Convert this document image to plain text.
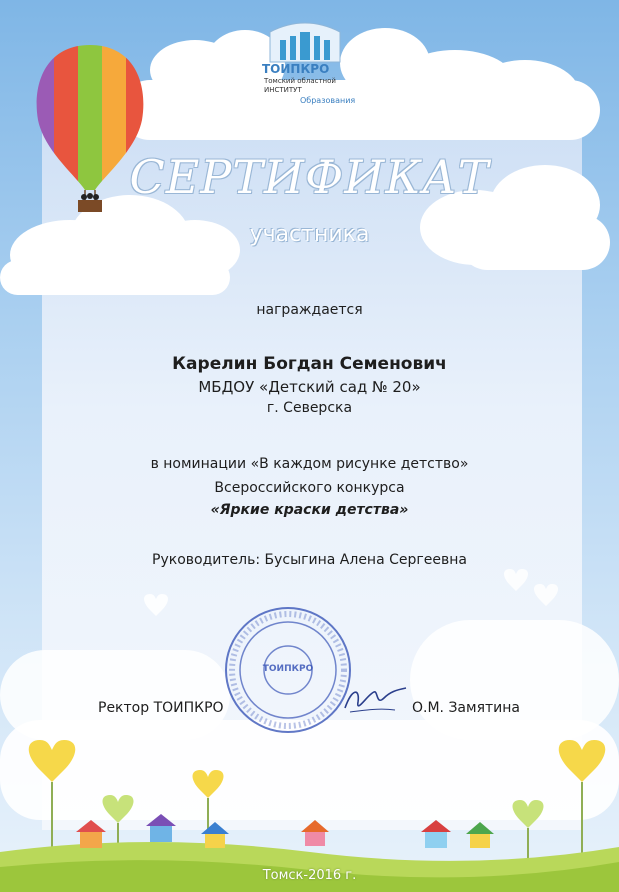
ТОИПКРО
Томский областной
ИНСТИТУТ
Образования
СЕРТИФИКАТ
участника
награждается
Карелин Богдан Семенович
МБДОУ «Детский сад № 20»
г. Северска
в номинации «В каждом рисунке детство»
Всероссийского конкурса
«Яркие краски детства»
Руководитель: Бусыгина Алена Сергеевна
ТОИПКРО
Ректор ТОИПКРО	О.М. Замятина
Томск-2016 г.
